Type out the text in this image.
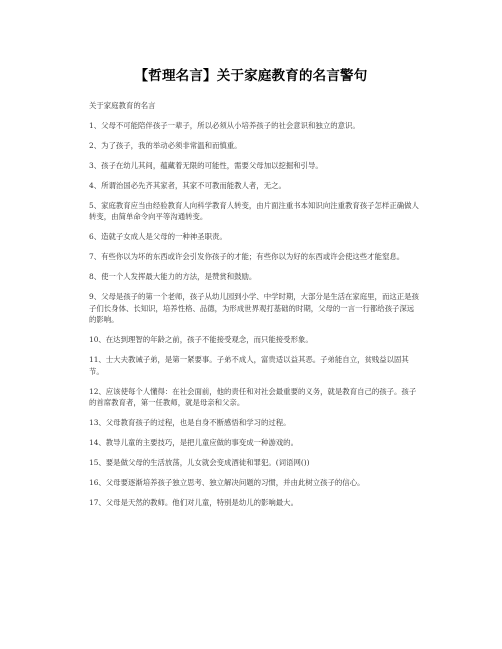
【哲理名言】关于家庭教育的名言警句

关于家庭教育的名言

1、父母不可能陪伴孩子一辈子，所以必须从小培养孩子的社会意识和独立的意识。

2、为了孩子，我的举动必须非常温和而慎重。

3、孩子在幼儿其间，蕴藏着无限的可能性，需要父母加以挖掘和引导。

4、所谓治国必先齐其家者，其家不可教而能教人者，无之。

5、家庭教育应当由经验教育人向科学教育人转变，由片面注重书本知识向注重教育孩子怎样正确做人转变，由简单命令向平等沟通转变。

6、造就子女成人是父母的一种神圣职责。

7、有些你以为坏的东西或许会引发你孩子的才能；有些你以为好的东西或许会使这些才能窒息。

8、使一个人发挥最大能力的方法，是赞赏和鼓励。

9、父母是孩子的第一个老师，孩子从幼儿园到小学、中学时期，大部分是生活在家庭里，而这正是孩子们长身体、长知识，培养性格、品德，为形成世界观打基础的时期，父母的一言一行都给孩子深远的影响。

10、在达到理智的年龄之前，孩子不能接受观念，而只能接受形象。

11、士大夫教诫子弟，是第一紧要事。子弟不成人，富贵适以益其恶。子弟能自立，贫贱益以固其节。

12、应该使每个人懂得：在社会面前，他的责任和对社会最重要的义务，就是教育自己的孩子。孩子的首席教育者，第一任教师，就是母亲和父亲。

13、父母教育孩子的过程，也是自身不断感悟和学习的过程。

14、教导儿童的主要技巧，是把儿童应做的事变成一种游戏的。

15、要是做父母的生活放荡，儿女就会变成酒徒和罪犯。(词语网())

16、父母要逐渐培养孩子独立思考、独立解决问题的习惯，并由此树立孩子的信心。

17、父母是天然的教师。他们对儿童，特别是幼儿的影响最大。
